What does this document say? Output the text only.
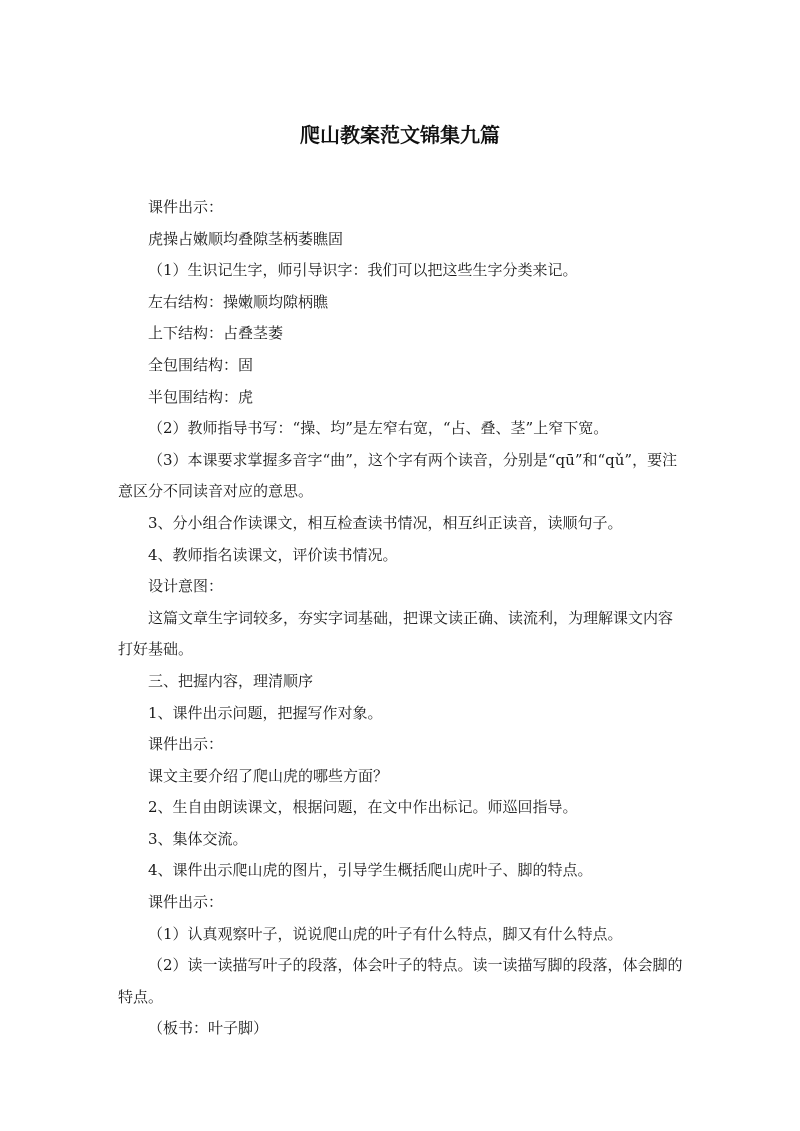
爬山教案范文锦集九篇

课件出示：

虎操占嫩顺均叠隙茎柄萎瞧固

（1）生识记生字，师引导识字：我们可以把这些生字分类来记。

左右结构：操嫩顺均隙柄瞧

上下结构：占叠茎萎

全包围结构：固

半包围结构：虎

（2）教师指导书写：“操、均”是左窄右宽，“占、叠、茎”上窄下宽。

（3）本课要求掌握多音字“曲”，这个字有两个读音，分别是“qū”和“qǔ”，要注意区分不同读音对应的意思。

3、分小组合作读课文，相互检查读书情况，相互纠正读音，读顺句子。

4、教师指名读课文，评价读书情况。

设计意图：

这篇文章生字词较多，夯实字词基础，把课文读正确、读流利，为理解课文内容打好基础。

三、把握内容，理清顺序

1、课件出示问题，把握写作对象。

课件出示：

课文主要介绍了爬山虎的哪些方面？

2、生自由朗读课文，根据问题，在文中作出标记。师巡回指导。

3、集体交流。

4、课件出示爬山虎的图片，引导学生概括爬山虎叶子、脚的特点。

课件出示：

（1）认真观察叶子，说说爬山虎的叶子有什么特点，脚又有什么特点。

（2）读一读描写叶子的段落，体会叶子的特点。读一读描写脚的段落，体会脚的特点。

（板书：叶子脚）
